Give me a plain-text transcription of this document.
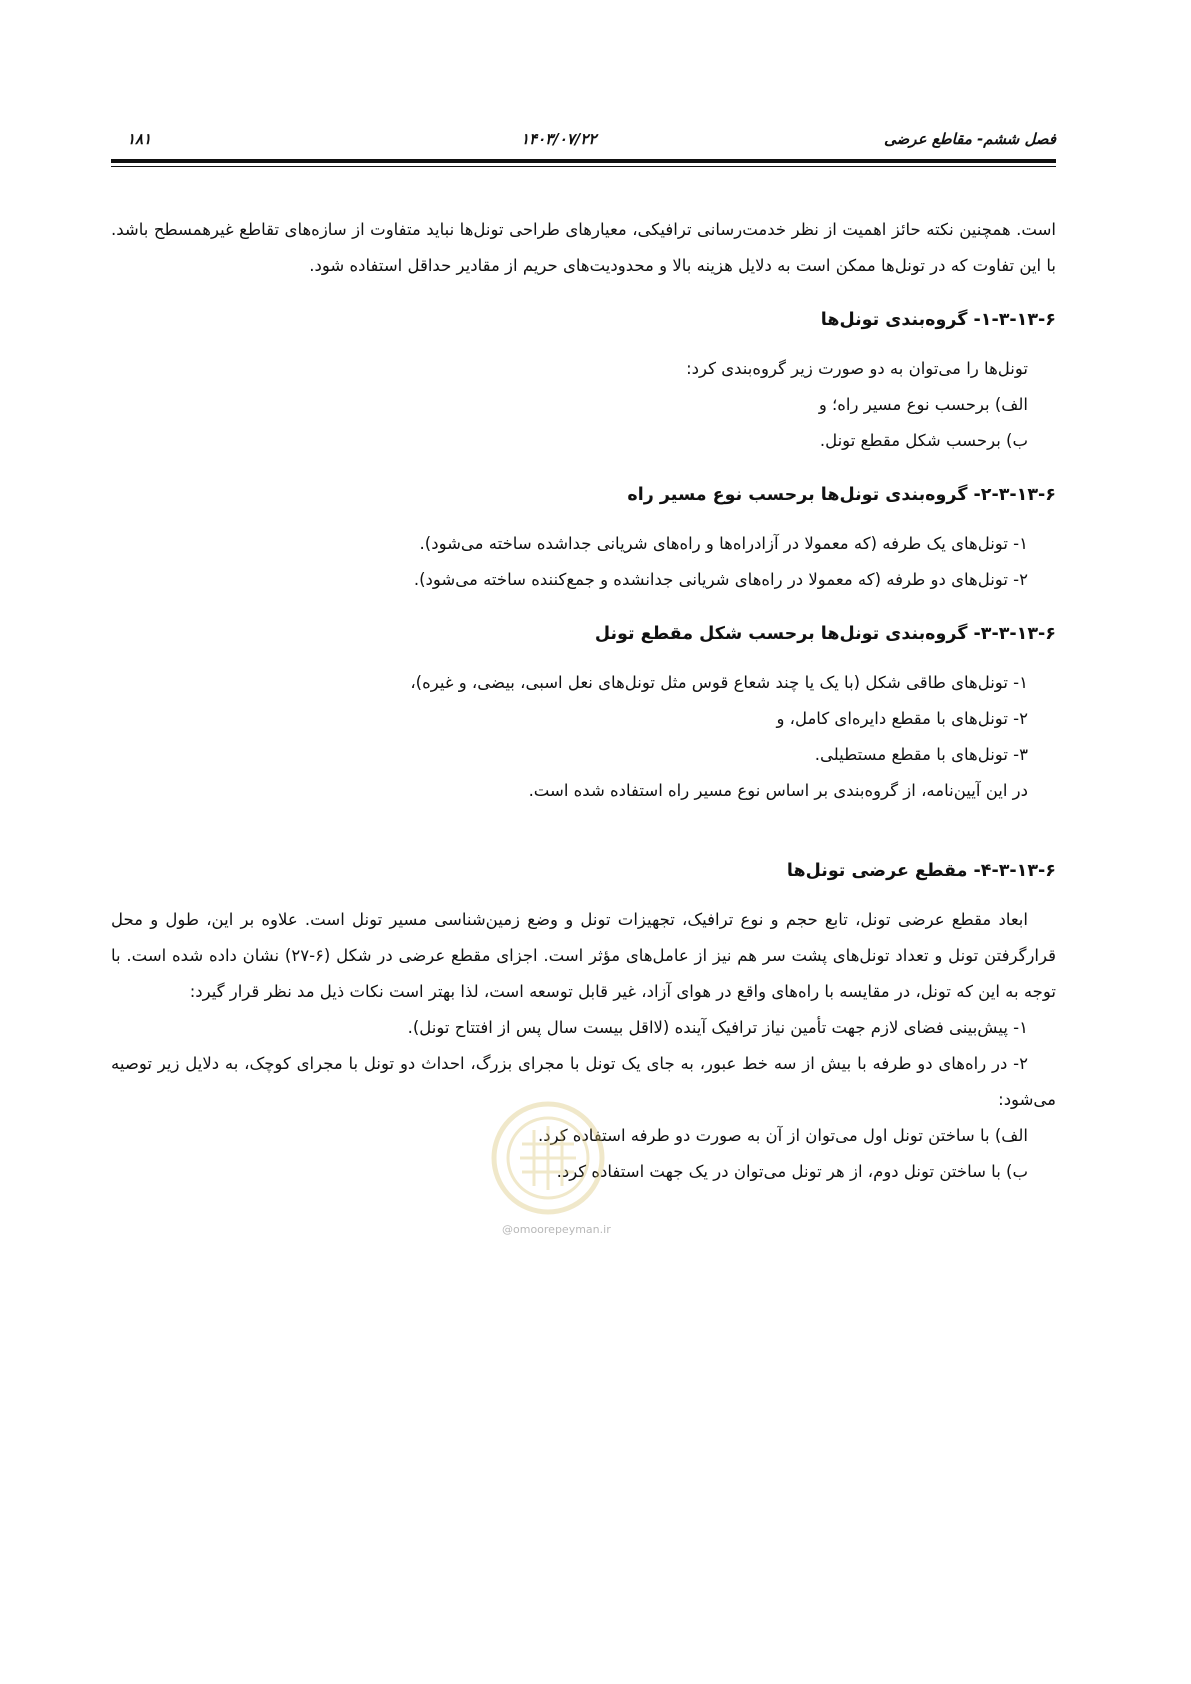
فصل ششم- مقاطع عرضی
۱۴۰۳/۰۷/۲۲
۱۸۱

است. همچنین نکته حائز اهمیت از نظر خدمت‌رسانی ترافیکی، معیارهای طراحی تونل‌ها نباید متفاوت از سازه‌های تقاطع غیرهمسطح باشد. با این تفاوت که در تونل‌ها ممکن است به دلایل هزینه بالا و محدودیت‌های حریم از مقادیر حداقل استفاده شود.

۱-۳-۱۳-۶- گروه‌بندی تونل‌ها

تونل‌ها را می‌توان به دو صورت زیر گروه‌بندی کرد:

الف) برحسب نوع مسیر راه؛ و

ب) برحسب شکل مقطع تونل.

۲-۳-۱۳-۶- گروه‌بندی تونل‌ها برحسب نوع مسیر راه

۱- تونل‌های یک طرفه (که معمولا در آزادراه‌ها و راه‌های شریانی جداشده ساخته می‌شود).

۲- تونل‌های دو طرفه (که معمولا در راه‌های شریانی جدانشده و جمع‌کننده ساخته می‌شود).

۳-۳-۱۳-۶- گروه‌بندی تونل‌ها برحسب شکل مقطع تونل

۱- تونل‌های طاقی شکل (با یک یا چند شعاع قوس مثل تونل‌های نعل اسبی، بیضی، و غیره)،

۲- تونل‌های با مقطع دایره‌ای کامل، و

۳- تونل‌های با مقطع مستطیلی.

در این آیین‌نامه، از گروه‌بندی بر اساس نوع مسیر راه استفاده شده است.

۴-۳-۱۳-۶- مقطع عرضی تونل‌ها

ابعاد مقطع عرضی تونل، تابع حجم و نوع ترافیک، تجهیزات تونل و وضع زمین‌شناسی مسیر تونل است. علاوه بر این، طول و محل قرارگرفتن تونل و تعداد تونل‌های پشت سر هم نیز از عامل‌های مؤثر است. اجزای مقطع عرضی در شکل (۶-۲۷) نشان داده شده است. با توجه به این که تونل، در مقایسه با راه‌های واقع در هوای آزاد، غیر قابل توسعه است، لذا بهتر است نکات ذیل مد نظر قرار گیرد:

۱- پیش‌بینی فضای لازم جهت تأمین نیاز ترافیک آینده (لااقل بیست سال پس از افتتاح تونل).

۲- در راه‌های دو طرفه با بیش از سه خط عبور، به جای یک تونل با مجرای بزرگ، احداث دو تونل با مجرای کوچک، به دلایل زیر توصیه می‌شود:

الف) با ساختن تونل اول می‌توان از آن به صورت دو طرفه استفاده کرد.

ب) با ساختن تونل دوم، از هر تونل می‌توان در یک جهت استفاده کرد.

@omoorepeyman.ir
